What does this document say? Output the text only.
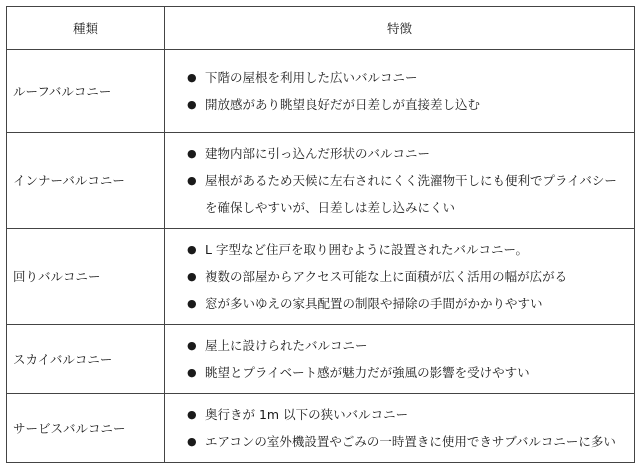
種類	特徴
ルーフバルコニー	● 下階の屋根を利用した広いバルコニー
● 開放感があり眺望良好だが日差しが直接差し込む

インナーバルコニー	● 建物内部に引っ込んだ形状のバルコニー
● 屋根があるため天候に左右されにくく洗濯物干しにも便利でプライバシー
を確保しやすいが、日差しは差し込みにくい

回りバルコニー	● L 字型など住戸を取り囲むように設置されたバルコニー。
● 複数の部屋からアクセス可能な上に面積が広く活用の幅が広がる
● 窓が多いゆえの家具配置の制限や掃除の手間がかかりやすい

スカイバルコニー	● 屋上に設けられたバルコニー
● 眺望とプライベート感が魅力だが強風の影響を受けやすい

サービスバルコニー	● 奥行きが 1m 以下の狭いバルコニー
● エアコンの室外機設置やごみの一時置きに使用できサブバルコニーに多い
